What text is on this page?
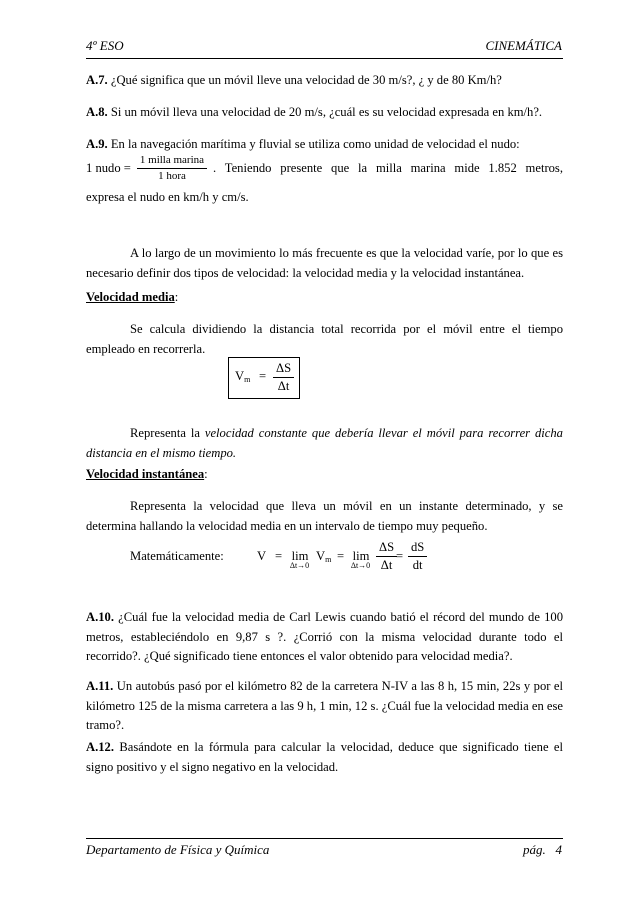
4º ESO	CINEMÁTICA
A.7. ¿Qué significa que un móvil lleve una velocidad de 30 m/s?, ¿ y de 80 Km/h?
A.8. Si un móvil lleva una velocidad de 20 m/s, ¿cuál es su velocidad expresada en km/h?.
A.9. En la navegación marítima y fluvial se utiliza como unidad de velocidad el nudo:
1 nudo = $\frac{\text{1 milla marina}}{\text{1 hora}}$ . Teniendo presente que la milla marina mide 1.852 metros,
expresa el nudo en km/h y cm/s.
A lo largo de un movimiento lo más frecuente es que la velocidad varíe, por lo que es necesario definir dos tipos de velocidad: la velocidad media y la velocidad instantánea.
Velocidad media:
Se calcula dividiendo la distancia total recorrida por el móvil entre el tiempo empleado en recorrerla.
$Vm = \frac{\Delta S}{\Delta t}$
Representa la velocidad constante que debería llevar el móvil para recorrer dicha distancia en el mismo tiempo.
Velocidad instantánea:
Representa la velocidad que lleva un móvil en un instante determinado, y se determina hallando la velocidad media en un intervalo de tiempo muy pequeño.
Matemáticamente:	V = lim
Δt→0
Vm = lim
$\Delta t\to 0 \frac{\Delta S}{\Delta t}$
= $\frac{dS}{dt}$
A.10. ¿Cuál fue la velocidad media de Carl Lewis cuando batió el récord del mundo de 100 metros, estableciéndolo en 9,87 s ?. ¿Corrió con la misma velocidad durante todo el recorrido?. ¿Qué significado tiene entonces el valor obtenido para velocidad media?.
A.11. Un autobús pasó por el kilómetro 82 de la carretera N-IV a las 8 h, 15 min, 22s y por el kilómetro 125 de la misma carretera a las 9 h, 1 min, 12 s. ¿Cuál fue la velocidad media en ese tramo?.
A.12. Basándote en la fórmula para calcular la velocidad, deduce que significado tiene el signo positivo y el signo negativo en la velocidad.
Departamento de Física y Química	pág.   4
